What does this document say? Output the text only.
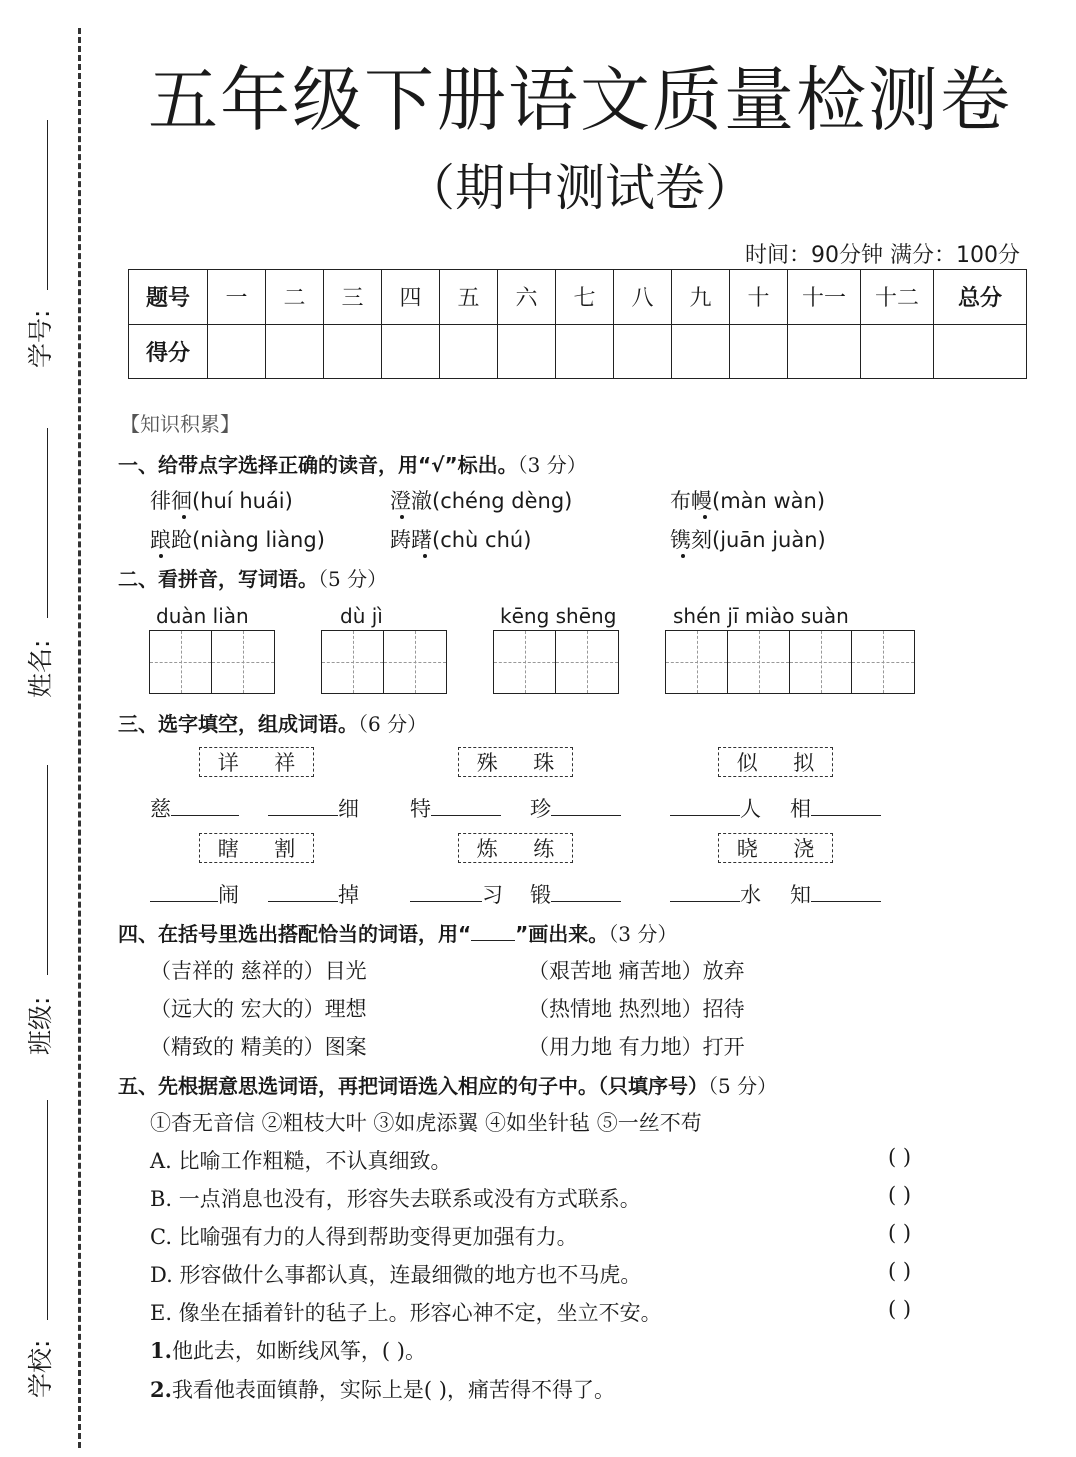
学号:
姓名:
班级:
学校:
五年级下册语文质量检测卷
（期中测试卷）
时间：90分钟 满分：100分
题号	一	二	三	四	五	六	七	八	九	十	十一	十二	总分
得分													
【知识积累】
一、给带点字选择正确的读音，用“√”标出。（3 分）
徘徊(huí huái)	澄澈(chéng dèng)	布幔(màn wàn)
踉跄(niàng liàng)	踌躇(chù chú)	镌刻(juān juàn)
二、看拼音，写词语。（5 分）
duàn liàn	dù jì	kēng shēng	shén jī miào suàn
三、选字填空，组成词语。（6 分）
详 祥	殊 珠	似 拟
慈	细 特	珍	人 相
瞎 割	炼 练	晓 浇
闹	掉	习 锻	水 知
四、在括号里选出搭配恰当的词语，用“ ”画出来。（3 分）
（吉祥的 慈祥的）目光	（艰苦地 痛苦地）放弃
（远大的 宏大的）理想	（热情地 热烈地）招待
（精致的 精美的）图案	（用力地 有力地）打开
五、先根据意思选词语，再把词语选入相应的句子中。（只填序号）（5 分）
①杳无音信 ②粗枝大叶 ③如虎添翼 ④如坐针毡 ⑤一丝不苟
A. 比喻工作粗糙，不认真细致。	( )
B. 一点消息也没有，形容失去联系或没有方式联系。	( )
C. 比喻强有力的人得到帮助变得更加强有力。	( )
D. 形容做什么事都认真，连最细微的地方也不马虎。	( )
E. 像坐在插着针的毡子上。形容心神不定，坐立不安。	( )
1.他此去，如断线风筝，( )。
2.我看他表面镇静，实际上是( )，痛苦得不得了。
